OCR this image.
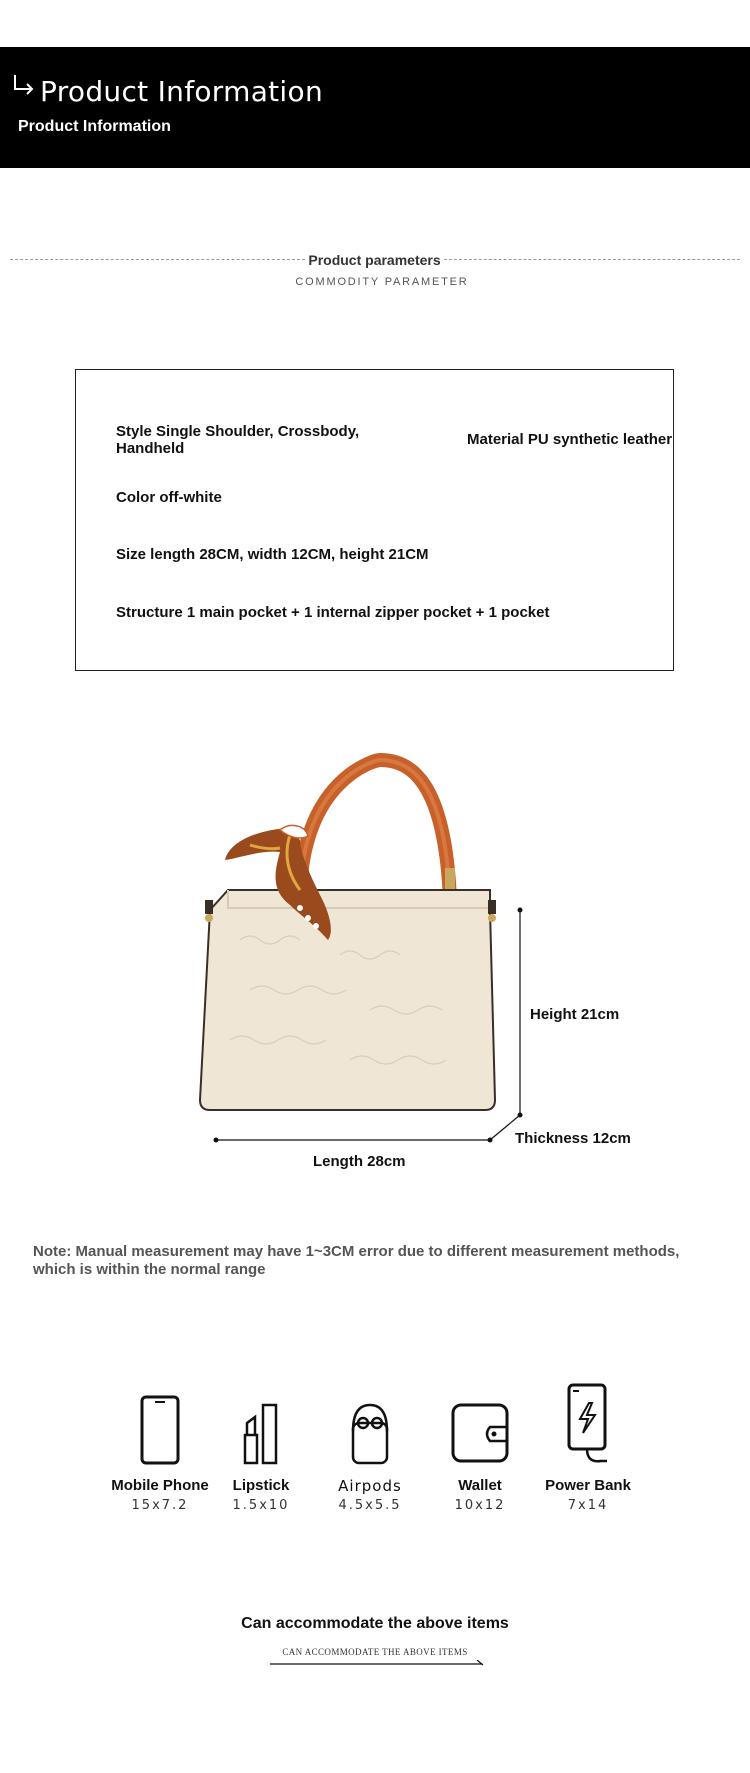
Product Information
Product Information
Product parameters
COMMODITY PARAMETER
Style Single Shoulder, Crossbody, Handheld
Material PU synthetic leather
Color off-white
Size length 28CM, width 12CM, height 21CM
Structure 1 main pocket + 1 internal zipper pocket + 1 pocket
Height 21cm
Thickness 12cm
Length 28cm
Note: Manual measurement may have 1~3CM error due to different measurement methods, which is within the normal range
Mobile Phone
15x7.2
Lipstick
1.5x10
Airpods
4.5x5.5
Wallet
10x12
Power Bank
7x14
Can accommodate the above items
CAN ACCOMMODATE THE ABOVE ITEMS
